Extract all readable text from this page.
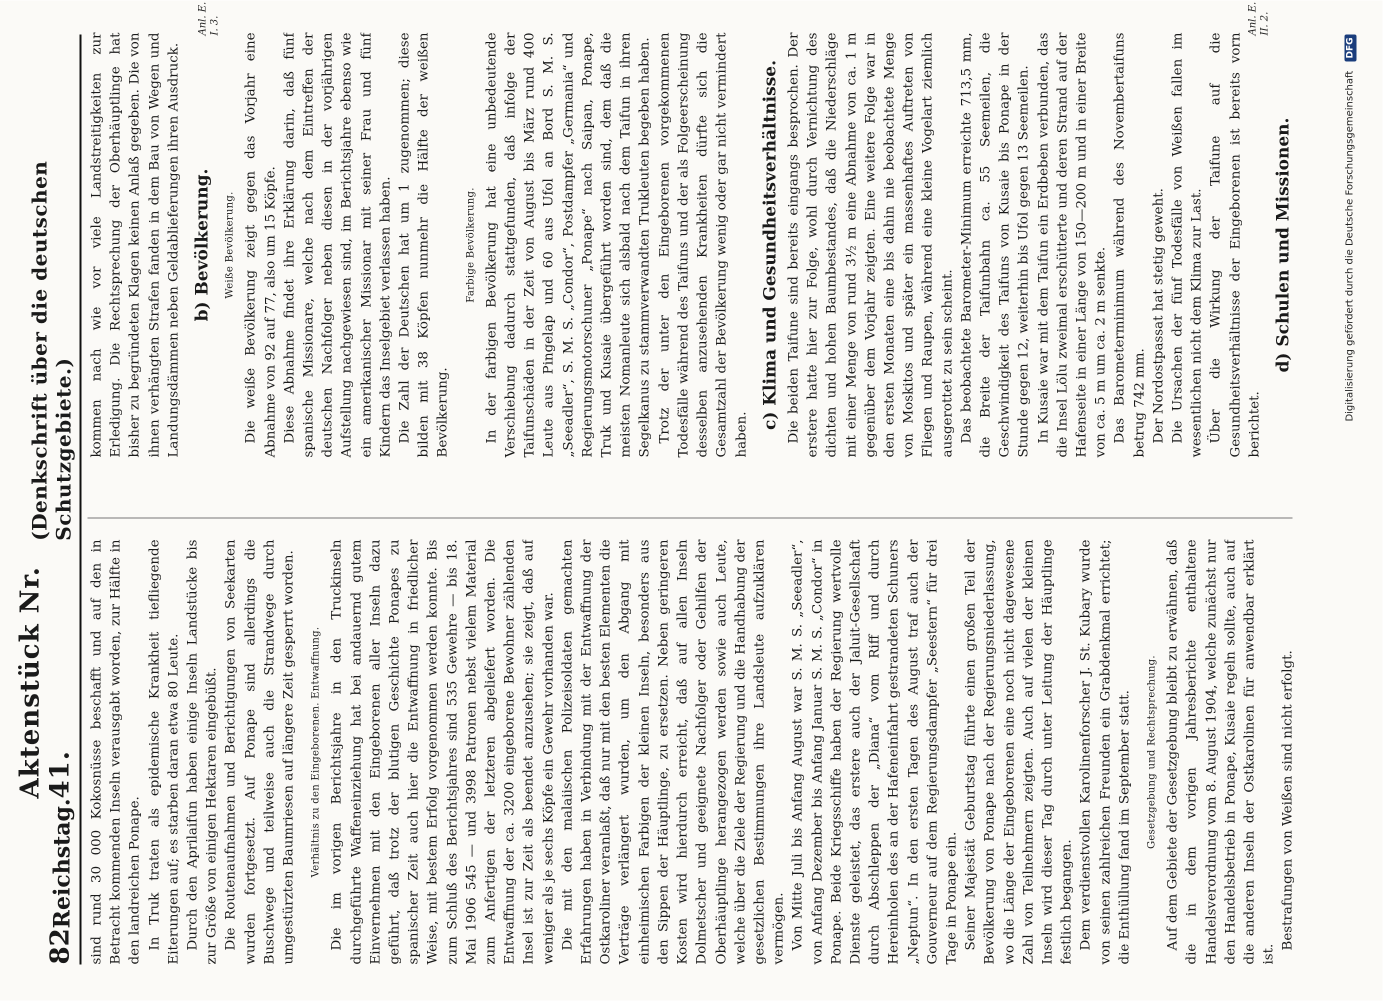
82
Reichstag.
Aktenstück Nr. 41.
(Denkschrift über die deutschen Schutzgebiete.)

sind rund 30 000 Kokosnüsse beschafft und auf den in Betracht kommenden Inseln verausgabt worden, zur Hälfte in den landreichen Ponape. In Truk traten als epidemische Krankheit tiefliegende Eiterungen auf; es starben daran etwa 80 Leute. Durch den Aprilaifun haben einige Inseln Landstücke bis zur Größe von einigen Hektaren eingebüßt. Die Routenaufnahmen und Berichtigungen von Seekarten wurden fortgesetzt. Auf Ponape sind allerdings die Buschwege und teilweise auch die Strandwege durch umgestürzten Baumriesen auf längere Zeit gesperrt worden.	Verhältnis zu den Eingeborenen. Entwaffnung. Die im vorigen Berichtsjahre in den Truckinseln durchgeführte Waffeneinziehung hat bei andauernd gutem Einvernehmen mit den Eingeborenen aller Inseln dazu geführt, daß trotz der blutigen Geschichte Ponapes zu spanischer Zeit auch hier die Entwaffnung in friedlicher Weise, mit bestem Erfolg vorgenommen werden konnte. Bis zum Schluß des Berichtsjahres sind 535 Gewehre — bis 18. Mai 1906 545 — und 3998 Patronen nebst vielem Material zum Anfertigen der letzteren abgeliefert worden. Die Entwaffnung der ca. 3200 eingeborene Bewohner zählenden Insel ist zur Zeit als beendet anzusehen; sie zeigt, daß auf weniger als je sechs Köpfe ein Gewehr vorhanden war. Die mit den malaiischen Polizeisoldaten gemachten Erfahrungen haben in Verbindung mit der Entwaffnung der Ostkaroliner veranlaßt, daß nur mit den besten Elementen die Verträge verlängert wurden, um den Abgang mit einheimischen Farbigen der kleinen Inseln, besonders aus den Sippen der Häuptlinge, zu ersetzen. Neben geringeren Kosten wird hierdurch erreicht, daß auf allen Inseln Dolmetscher und geeignete Nachfolger oder Gehilfen der Oberhäuptlinge herangezogen werden sowie auch Leute, welche über die Ziele der Regierung und die Handhabung der gesetzlichen Bestimmungen ihre Landsleute aufzuklären vermögen. Von Mitte Juli bis Anfang August war S. M. S. „Seeadler“, von Anfang Dezember bis Anfang Januar S. M. S. „Condor“ in Ponape. Beide Kriegsschiffe haben der Regierung wertvolle Dienste geleistet, das erstere auch der Jaluit-Gesellschaft durch Abschleppen der „Diana“ vom Riff und durch Hereinholen des an der Hafeneinfahrt gestrandeten Schuners „Neptun“. In den ersten Tagen des August traf auch der Gouverneur auf dem Regierungsdampfer „Seestern“ für drei Tage in Ponape ein. Seiner Majestät Geburtstag führte einen großen Teil der Bevölkerung von Ponape nach der Regierungsniederlassung, wo die Länge der Eingeborenen eine noch nicht dagewesene Zahl von Teilnehmern zeigten. Auch auf vielen der kleinen Inseln wird dieser Tag durch unter Leitung der Häuptlinge festlich begangen. Dem verdienstvollen Karolinenforscher J. St. Kubary wurde von seinen zahlreichen Freunden ein Grabdenkmal errichtet; die Enthüllung fand im September statt.	Gesetzgebung und Rechtsprechung. Auf dem Gebiete der Gesetzgebung bleibt zu erwähnen, daß die in dem vorigen Jahresberichte enthaltene Handelsverordnung vom 8. August 1904, welche zunächst nur den Handelsbetrieb in Ponape, Kusaie regeln sollte, auch auf die anderen Inseln der Ostkarolinen für anwendbar erklärt ist.

Bestrafungen von Weißen sind nicht erfolgt.

kommen nach wie vor viele Landstreitigkeiten zur Erledigung. Die Rechtsprechung der Oberhäuptlinge hat bisher zu begründeten Klagen keinen Anlaß gegeben. Die von ihnen verhängten Strafen fanden in dem Bau von Wegen und Landungsdämmen neben Geldablieferungen ihren Ausdruck. b) Bevölkerung.	Weiße Bevölkerung. Die weiße Bevölkerung zeigt gegen das Vorjahr eine Abnahme von 92 auf 77, also um 15 Köpfe. Diese Abnahme findet ihre Erklärung darin, daß fünf spanische Missionare, welche nach dem Eintreffen der deutschen Nachfolger neben diesen in der vorjährigen Aufstellung nachgewiesen sind, im Berichtsjahre ebenso wie ein amerikanischer Missionar mit seiner Frau und fünf Kindern das Inselgebiet verlassen haben. Die Zahl der Deutschen hat um 1 zugenommen; diese bilden mit 38 Köpfen nunmehr die Hälfte der weißen Bevölkerung.

Farbige Bevölkerung. In der farbigen Bevölkerung hat eine unbedeutende Verschiebung dadurch stattgefunden, daß infolge der Taifunschäden in der Zeit von August bis März rund 400 Leute aus Pingelap und 60 aus Ufol an Bord S. M. S. „Seeadler“, S. M. S. „Condor“, Postdampfer „Germania“ und Regierungsmotorschuner „Ponape“ nach Saipan, Ponape, Truk und Kusaie übergeführt worden sind, dem daß die meisten Nomanleute sich alsbald nach dem Taifun in ihren Segelkanus zu stammverwandten Trukleuten begeben haben. Trotz der unter den Eingeborenen vorgekommenen Todesfälle während des Taifuns und der als Folgeerscheinung desselben anzusehenden Krankheiten dürfte sich die Gesamtzahl der Bevölkerung wenig oder gar nicht vermindert haben.

c) Klima und Gesundheitsverhältnisse. Die beiden Taifune sind bereits eingangs besprochen. Der erstere hatte hier zur Folge, wohl durch Vernichtung des dichten und hohen Baumbestandes, daß die Niederschläge mit einer Menge von rund 3½ m eine Abnahme von ca. 1 m gegenüber dem Vorjahr zeigten. Eine weitere Folge war in den ersten Monaten eine bis dahin nie beobachtete Menge von Moskitos und später ein massenhaftes Auftreten von Fliegen und Raupen, während eine kleine Vogelart ziemlich ausgerottet zu sein scheint. Das beobachtete Barometer-Minimum erreichte 713,5 mm, die Breite der Taifunbahn ca. 55 Seemeilen, die Geschwindigkeit des Taifuns von Kusaie bis Ponape in der Stunde gegen 12, weiterhin bis Ufol gegen 13 Seemeilen. In Kusaie war mit dem Taifun ein Erdbeben verbunden, das die Insel Lölu zweimal erschütterte und deren Strand auf der Hafenseite in einer Länge von 150—200 m und in einer Breite von ca. 5 m um ca. 2 m senkte. Das Barometerminimum während des Novembertaifuns betrug 742 mm. Der Nordostpassat hat stetig geweht. Die Ursachen der fünf Todesfälle von Weißen fallen im wesentlichen nicht dem Klima zur Last. Über die Wirkung der Taifune auf die Gesundheitsverhältnisse der Eingeborenen ist bereits vorn berichtet.

d) Schulen und Missionen.

Anl. E. I. 3.	Anl. E. II. 2.
Digitalisierung gefördert durch die Deutsche Forschungsgemeinschaft DFG
